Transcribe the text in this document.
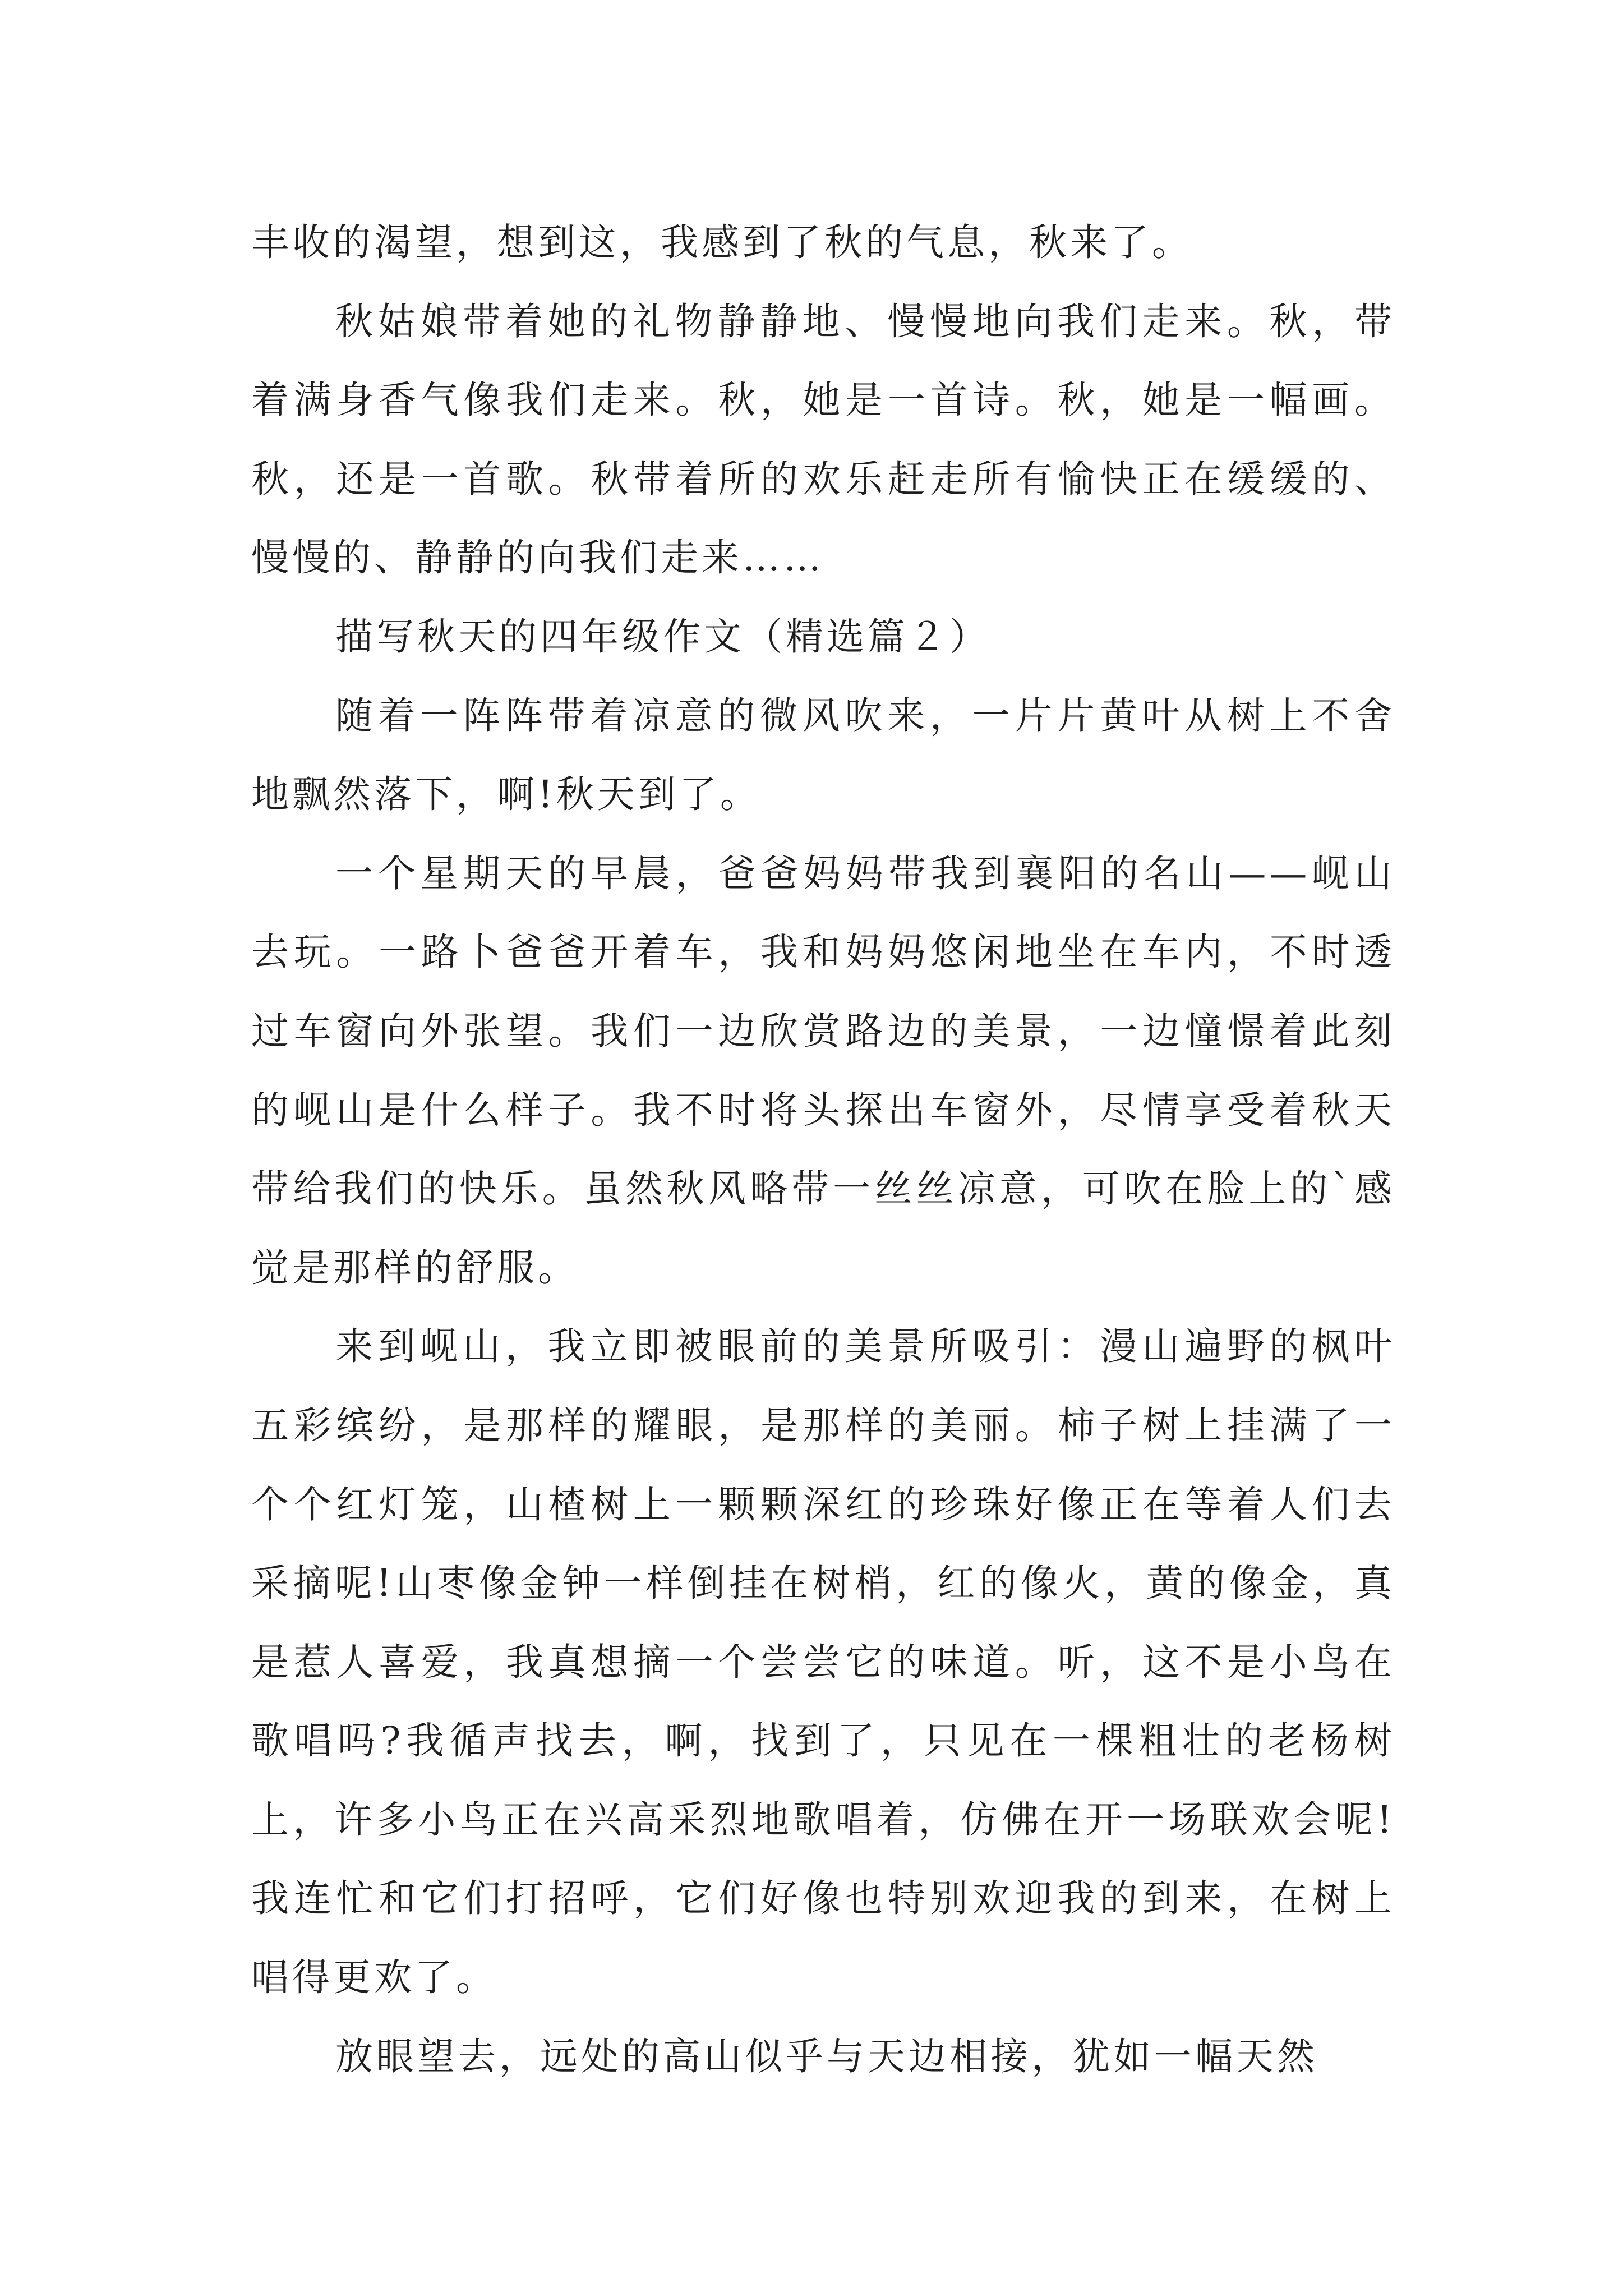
丰收的渴望，想到这，我感到了秋的气息，秋来了。

秋姑娘带着她的礼物静静地、慢慢地向我们走来。秋，带着满身香气像我们走来。秋，她是一首诗。秋，她是一幅画。秋，还是一首歌。秋带着所的欢乐赶走所有愉快正在缓缓的、慢慢的、静静的向我们走来……

描写秋天的四年级作文（精选篇２）

随着一阵阵带着凉意的微风吹来，一片片黄叶从树上不舍地飘然落下，啊!秋天到了。

一个星期天的早晨，爸爸妈妈带我到襄阳的名山——岘山去玩。一路卜爸爸开着车，我和妈妈悠闲地坐在车内，不时透过车窗向外张望。我们一边欣赏路边的美景，一边憧憬着此刻的岘山是什么样子。我不时将头探出车窗外，尽情享受着秋天带给我们的快乐。虽然秋风略带一丝丝凉意，可吹在脸上的`感觉是那样的舒服。

来到岘山，我立即被眼前的美景所吸引：漫山遍野的枫叶五彩缤纷，是那样的耀眼，是那样的美丽。柿子树上挂满了一个个红灯笼，山楂树上一颗颗深红的珍珠好像正在等着人们去采摘呢!山枣像金钟一样倒挂在树梢，红的像火，黄的像金，真是惹人喜爱，我真想摘一个尝尝它的味道。听，这不是小鸟在歌唱吗?我循声找去，啊，找到了，只见在一棵粗壮的老杨树上，许多小鸟正在兴高采烈地歌唱着，仿佛在开一场联欢会呢!我连忙和它们打招呼，它们好像也特别欢迎我的到来，在树上唱得更欢了。

放眼望去，远处的高山似乎与天边相接，犹如一幅天然
